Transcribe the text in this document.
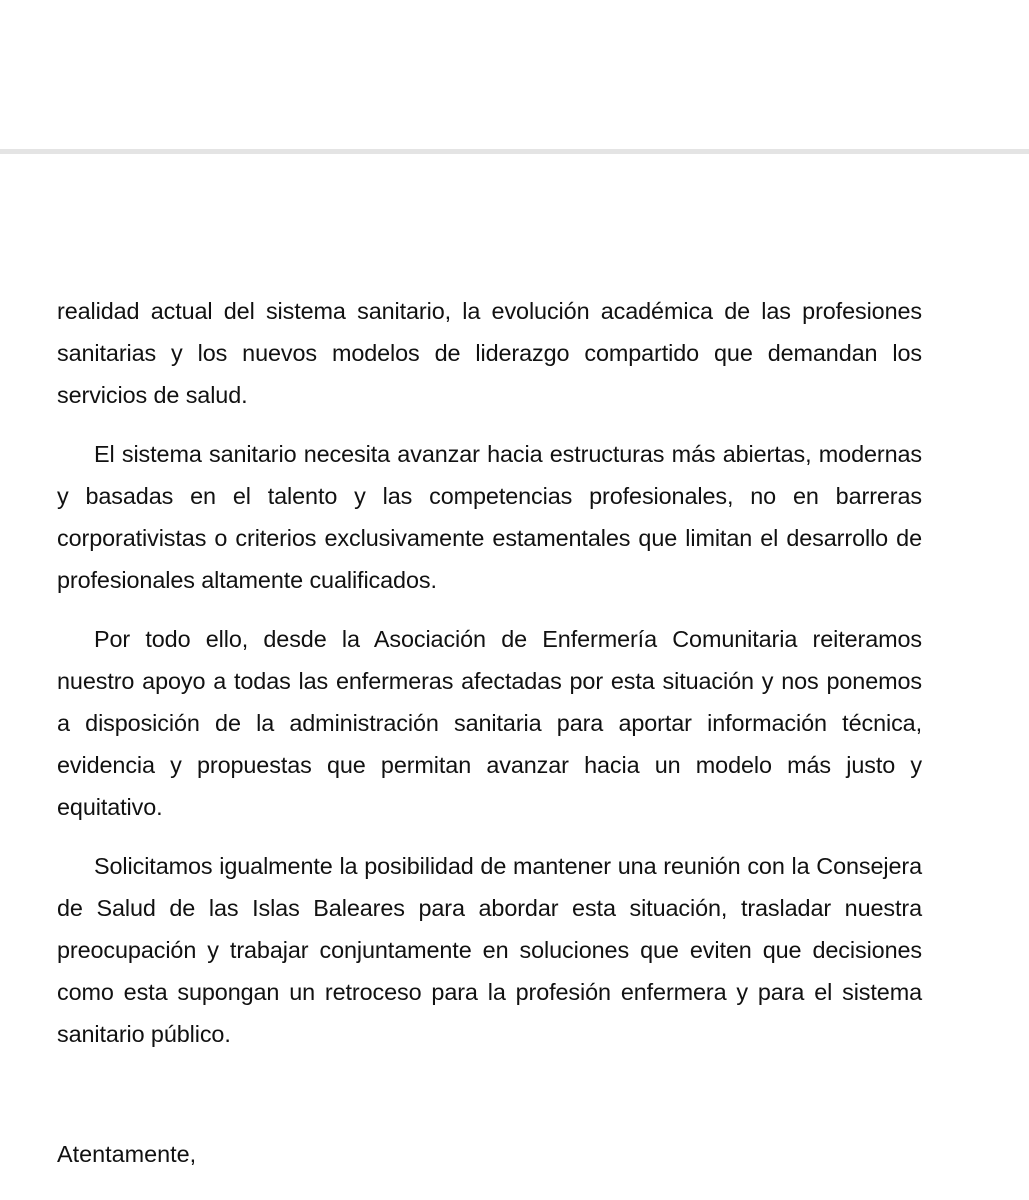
realidad actual del sistema sanitario, la evolución académica de las profesiones sanitarias y los nuevos modelos de liderazgo compartido que demandan los servicios de salud.

El sistema sanitario necesita avanzar hacia estructuras más abiertas, modernas y basadas en el talento y las competencias profesionales, no en barreras corporativistas o criterios exclusivamente estamentales que limitan el desarrollo de profesionales altamente cualificados.

Por todo ello, desde la Asociación de Enfermería Comunitaria reiteramos nuestro apoyo a todas las enfermeras afectadas por esta situación y nos ponemos a disposición de la administración sanitaria para aportar información técnica, evidencia y propuestas que permitan avanzar hacia un modelo más justo y equitativo.

Solicitamos igualmente la posibilidad de mantener una reunión con la Consejera de Salud de las Islas Baleares para abordar esta situación, trasladar nuestra preocupación y trabajar conjuntamente en soluciones que eviten que decisiones como esta supongan un retroceso para la profesión enfermera y para el sistema sanitario público.

Atentamente,
